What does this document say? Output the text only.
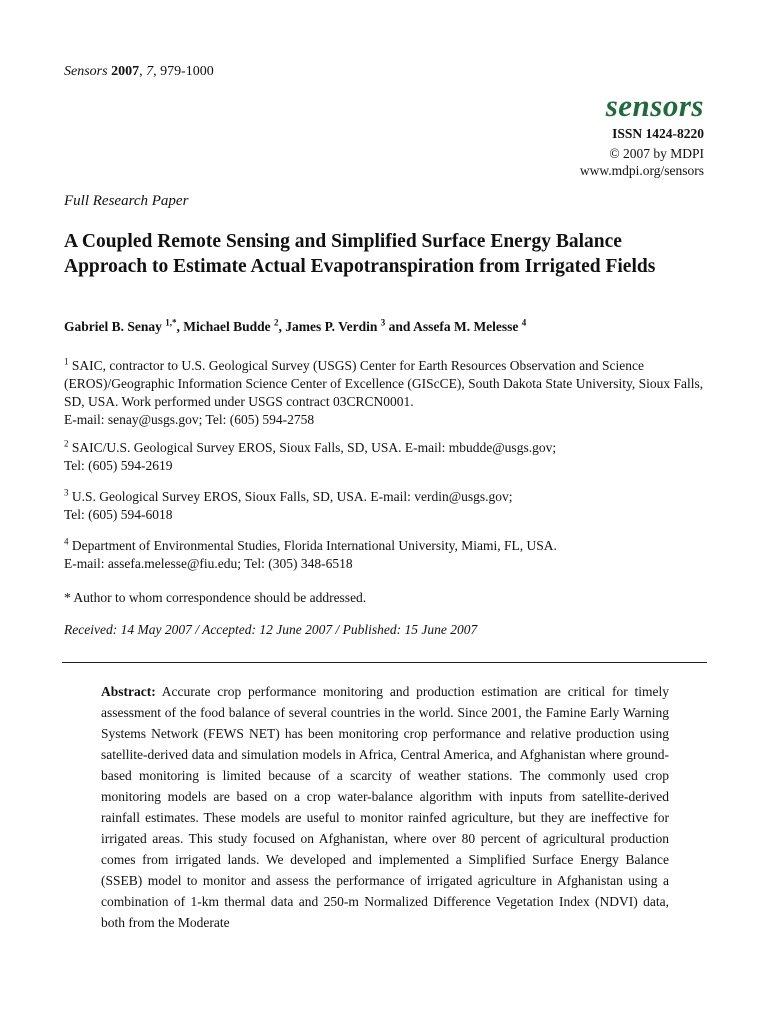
Sensors 2007, 7, 979-1000
sensors
ISSN 1424-8220
© 2007 by MDPI
www.mdpi.org/sensors
Full Research Paper
A Coupled Remote Sensing and Simplified Surface Energy Balance Approach to Estimate Actual Evapotranspiration from Irrigated Fields
Gabriel B. Senay $^{1,*}$, Michael Budde $^2$, James P. Verdin $^3$ and Assefa M. Melesse $^4$
$^1$ SAIC, contractor to U.S. Geological Survey (USGS) Center for Earth Resources Observation and Science (EROS)/Geographic Information Science Center of Excellence (GIScCE), South Dakota State University, Sioux Falls, SD, USA. Work performed under USGS contract 03CRCN0001.
E-mail: senay@usgs.gov; Tel: (605) 594-2758
$^2$ SAIC/U.S. Geological Survey EROS, Sioux Falls, SD, USA. E-mail: mbudde@usgs.gov;
Tel: (605) 594-2619
$^3$ U.S. Geological Survey EROS, Sioux Falls, SD, USA. E-mail: verdin@usgs.gov;
Tel: (605) 594-6018
$^4$ Department of Environmental Studies, Florida International University, Miami, FL, USA.
E-mail: assefa.melesse@fiu.edu; Tel: (305) 348-6518
* Author to whom correspondence should be addressed.
Received: 14 May 2007 / Accepted: 12 June 2007 / Published: 15 June 2007
Abstract: Accurate crop performance monitoring and production estimation are critical for timely assessment of the food balance of several countries in the world. Since 2001, the Famine Early Warning Systems Network (FEWS NET) has been monitoring crop performance and relative production using satellite-derived data and simulation models in Africa, Central America, and Afghanistan where ground-based monitoring is limited because of a scarcity of weather stations. The commonly used crop monitoring models are based on a crop water-balance algorithm with inputs from satellite-derived rainfall estimates. These models are useful to monitor rainfed agriculture, but they are ineffective for irrigated areas. This study focused on Afghanistan, where over 80 percent of agricultural production comes from irrigated lands. We developed and implemented a Simplified Surface Energy Balance (SSEB) model to monitor and assess the performance of irrigated agriculture in Afghanistan using a combination of 1-km thermal data and 250-m Normalized Difference Vegetation Index (NDVI) data, both from the Moderate
